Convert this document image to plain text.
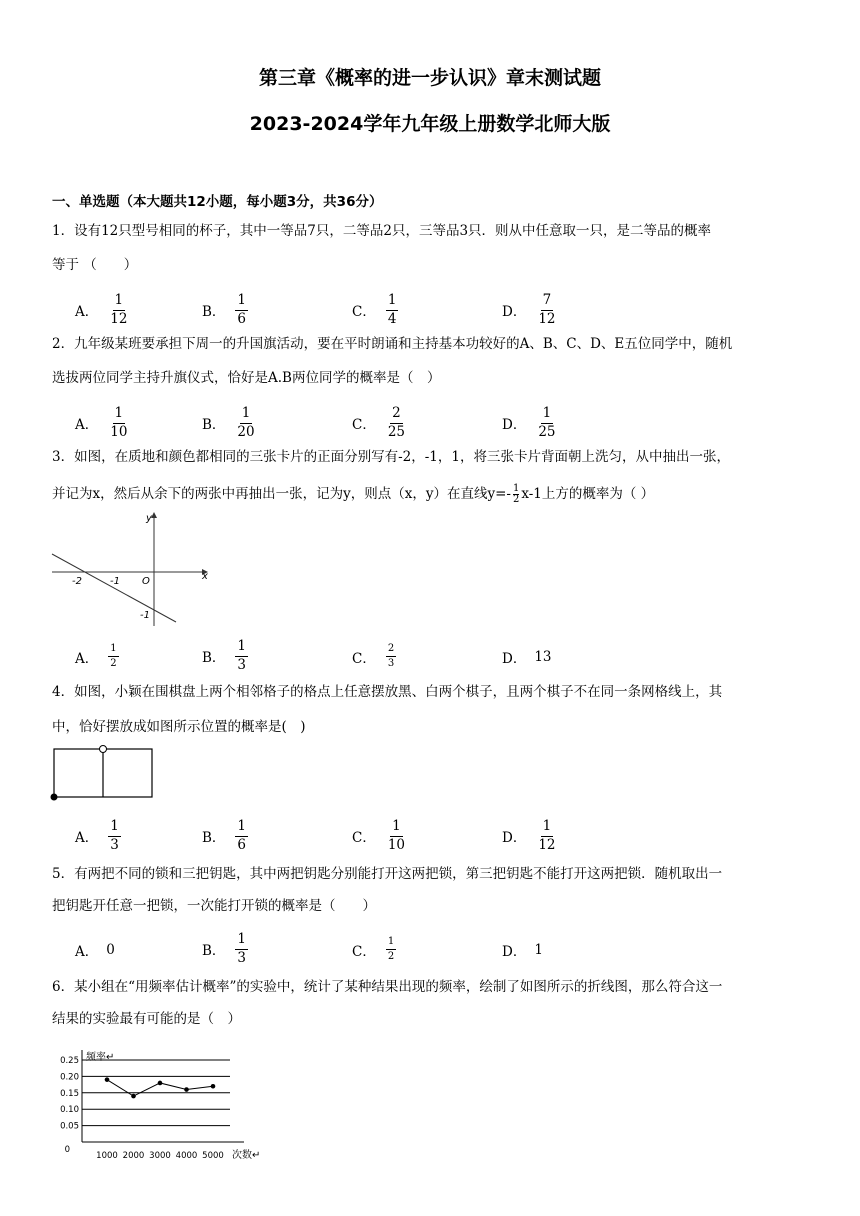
第三章《概率的进一步认识》章末测试题
2023-2024学年九年级上册数学北师大版
一、单选题（本大题共12小题，每小题3分，共36分）
1．设有12只型号相同的杯子，其中一等品7只，二等品2只，三等品3只．则从中任意取一只，是二等品的概率
等于 （　　）
A． $\frac{1}{12}$	B． $\frac{1}{6}$	C． $\frac{1}{4}$	D． $\frac{7}{12}$
2．九年级某班要承担下周一的升国旗活动，要在平时朗诵和主持基本功较好的A、B、C、D、E五位同学中，随机
选拔两位同学主持升旗仪式，恰好是A.B两位同学的概率是（　）
A． $\frac{1}{10}$	B． $\frac{1}{20}$	C． $\frac{2}{25}$	D． $\frac{1}{25}$
3．如图，在质地和颜色都相同的三张卡片的正面分别写有-2，-1，1，将三张卡片背面朝上洗匀，从中抽出一张，
并记为x，然后从余下的两张中再抽出一张，记为y，则点（x，y）在直线$y=- \frac{1}{2} x-1$上方的概率为（ ）
y
x
O
-2	-1
-1
A． $\frac{1}{2}$	B． $\frac{1}{3}$	C． $\frac{2}{3}$	D． 13
4．如图，小颖在围棋盘上两个相邻格子的格点上任意摆放黑、白两个棋子，且两个棋子不在同一条网格线上，其
中，恰好摆放成如图所示位置的概率是(　)
A． $\frac{1}{3}$	B． $\frac{1}{6}$	C． $\frac{1}{10}$	D． $\frac{1}{12}$
5．有两把不同的锁和三把钥匙，其中两把钥匙分别能打开这两把锁，第三把钥匙不能打开这两把锁．随机取出一
把钥匙开任意一把锁，一次能打开锁的概率是（　　）
A． 0	B． $\frac{1}{3}$	C． $\frac{1}{2}$	D． 1
6．某小组在“用频率估计概率”的实验中，统计了某种结果出现的频率，绘制了如图所示的折线图，那么符合这一
结果的实验最有可能的是（　）
频率↵
0.25
0.20
0.15
0.10
0.05
0
1000 2000 3000 4000 5000 次数↵
